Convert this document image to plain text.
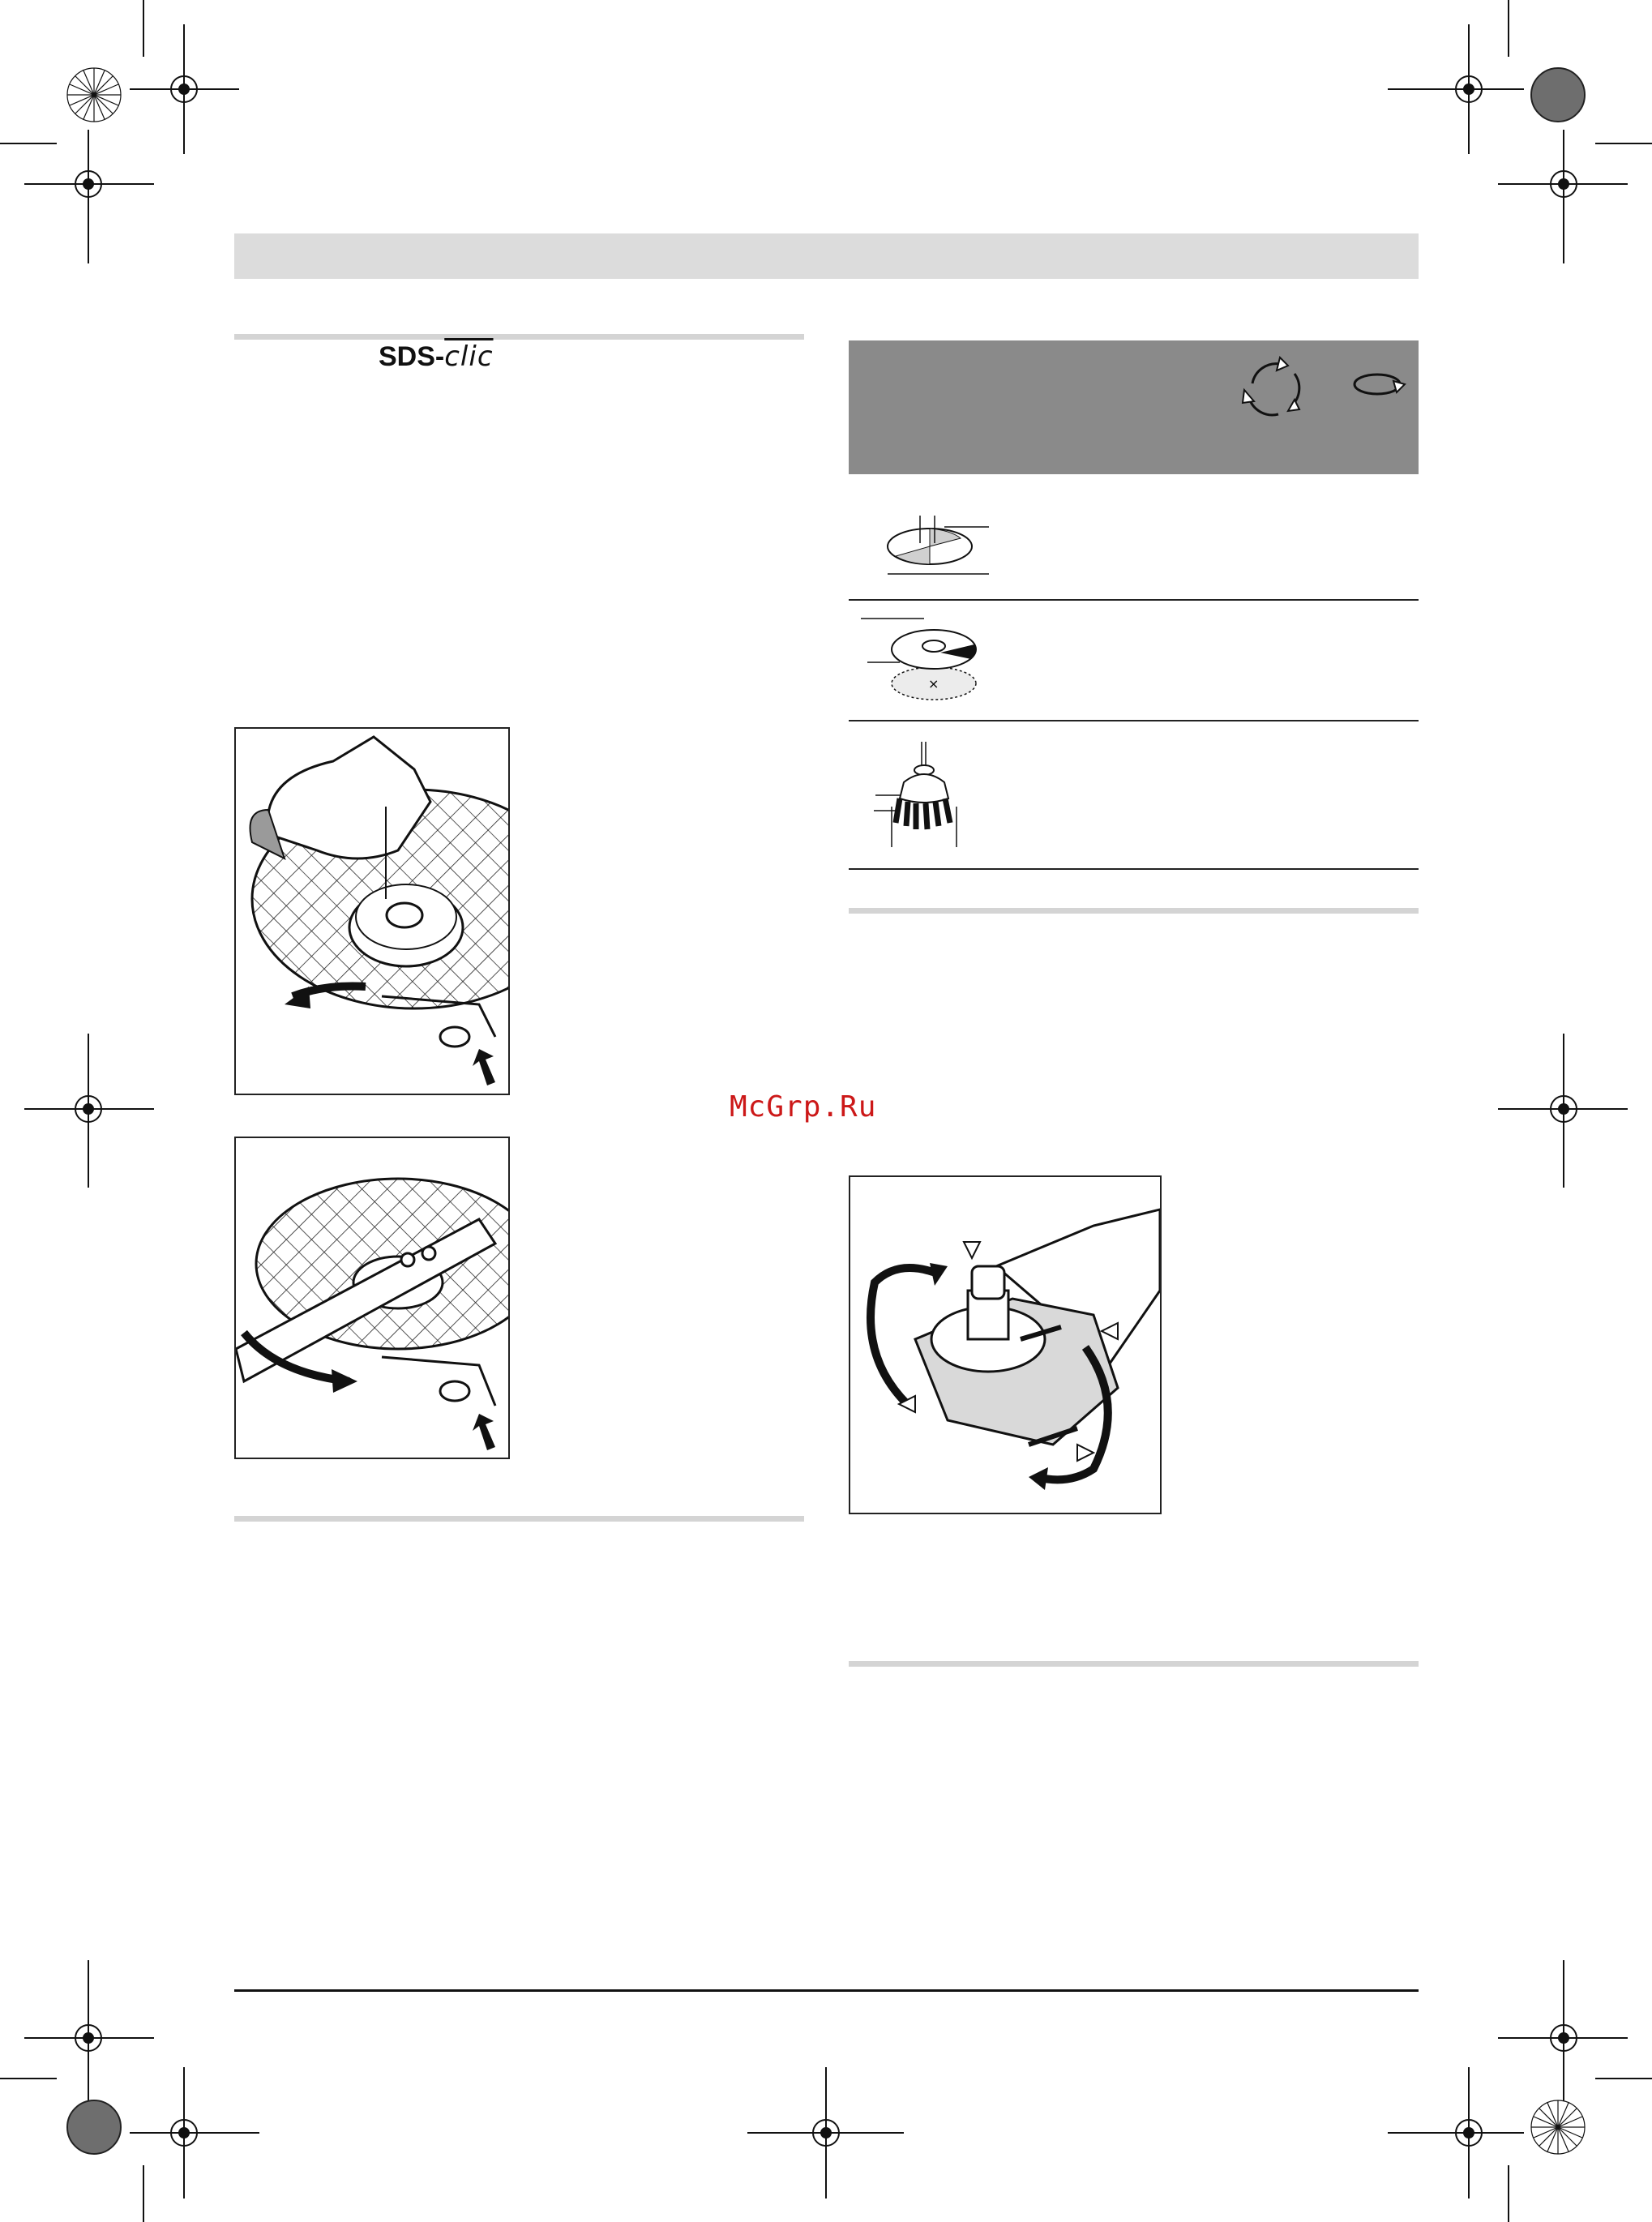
SDS-clic
×
McGrp.Ru
